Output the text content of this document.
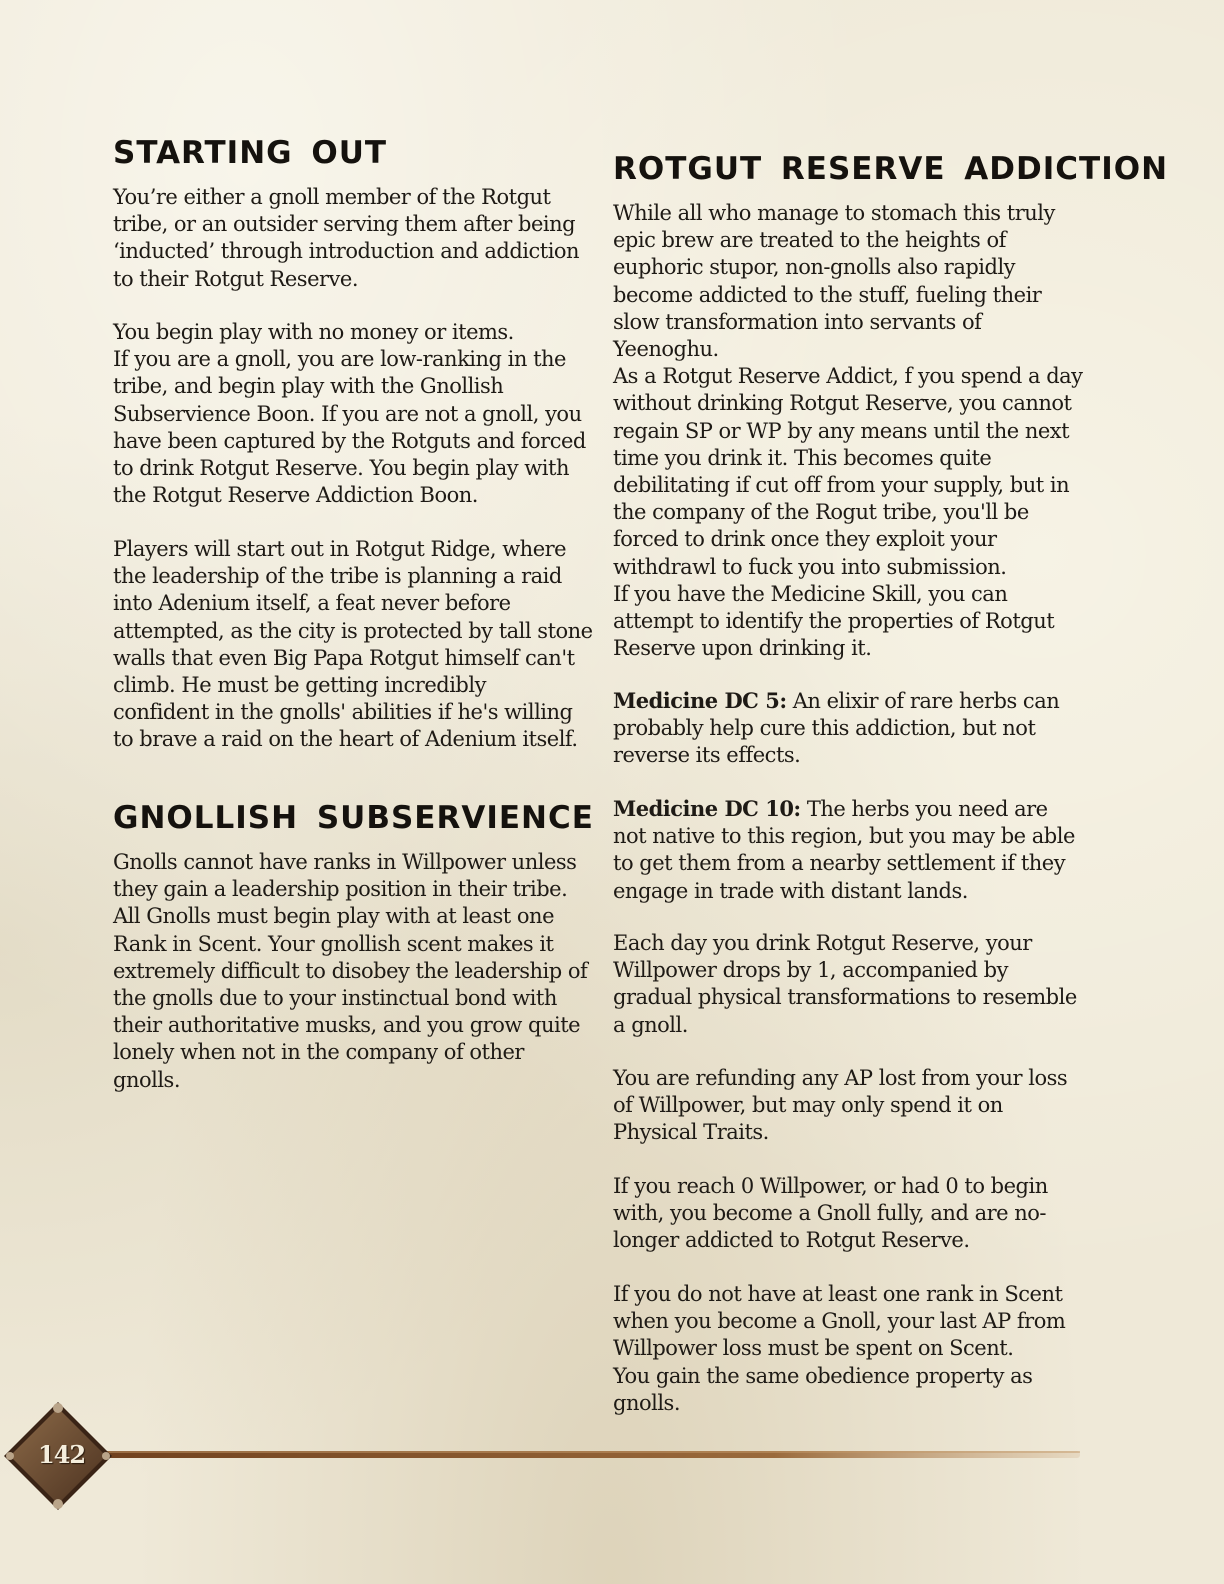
STARTING OUT

You’re either a gnoll member of the Rotgut
tribe, or an outsider serving them after being
‘inducted’ through introduction and addiction
to their Rotgut Reserve.

You begin play with no money or items.
If you are a gnoll, you are low-ranking in the
tribe, and begin play with the Gnollish
Subservience Boon. If you are not a gnoll, you
have been captured by the Rotguts and forced
to drink Rotgut Reserve. You begin play with
the Rotgut Reserve Addiction Boon.

Players will start out in Rotgut Ridge, where
the leadership of the tribe is planning a raid
into Adenium itself, a feat never before
attempted, as the city is protected by tall stone
walls that even Big Papa Rotgut himself can't
climb. He must be getting incredibly
confident in the gnolls' abilities if he's willing
to brave a raid on the heart of Adenium itself.

GNOLLISH SUBSERVIENCE

Gnolls cannot have ranks in Willpower unless
they gain a leadership position in their tribe.
All Gnolls must begin play with at least one
Rank in Scent. Your gnollish scent makes it
extremely difficult to disobey the leadership of
the gnolls due to your instinctual bond with
their authoritative musks, and you grow quite
lonely when not in the company of other
gnolls.

ROTGUT RESERVE ADDICTION

While all who manage to stomach this truly
epic brew are treated to the heights of
euphoric stupor, non-gnolls also rapidly
become addicted to the stuff, fueling their
slow transformation into servants of
Yeenoghu.
As a Rotgut Reserve Addict, f you spend a day
without drinking Rotgut Reserve, you cannot
regain SP or WP by any means until the next
time you drink it. This becomes quite
debilitating if cut off from your supply, but in
the company of the Rogut tribe, you'll be
forced to drink once they exploit your
withdrawl to fuck you into submission.
If you have the Medicine Skill, you can
attempt to identify the properties of Rotgut
Reserve upon drinking it.

Medicine DC 5: An elixir of rare herbs can
probably help cure this addiction, but not
reverse its effects.

Medicine DC 10: The herbs you need are
not native to this region, but you may be able
to get them from a nearby settlement if they
engage in trade with distant lands.

Each day you drink Rotgut Reserve, your
Willpower drops by 1, accompanied by
gradual physical transformations to resemble
a gnoll.

You are refunding any AP lost from your loss
of Willpower, but may only spend it on
Physical Traits.

If you reach 0 Willpower, or had 0 to begin
with, you become a Gnoll fully, and are no-
longer addicted to Rotgut Reserve.

If you do not have at least one rank in Scent
when you become a Gnoll, your last AP from
Willpower loss must be spent on Scent.
You gain the same obedience property as
gnolls.

142
